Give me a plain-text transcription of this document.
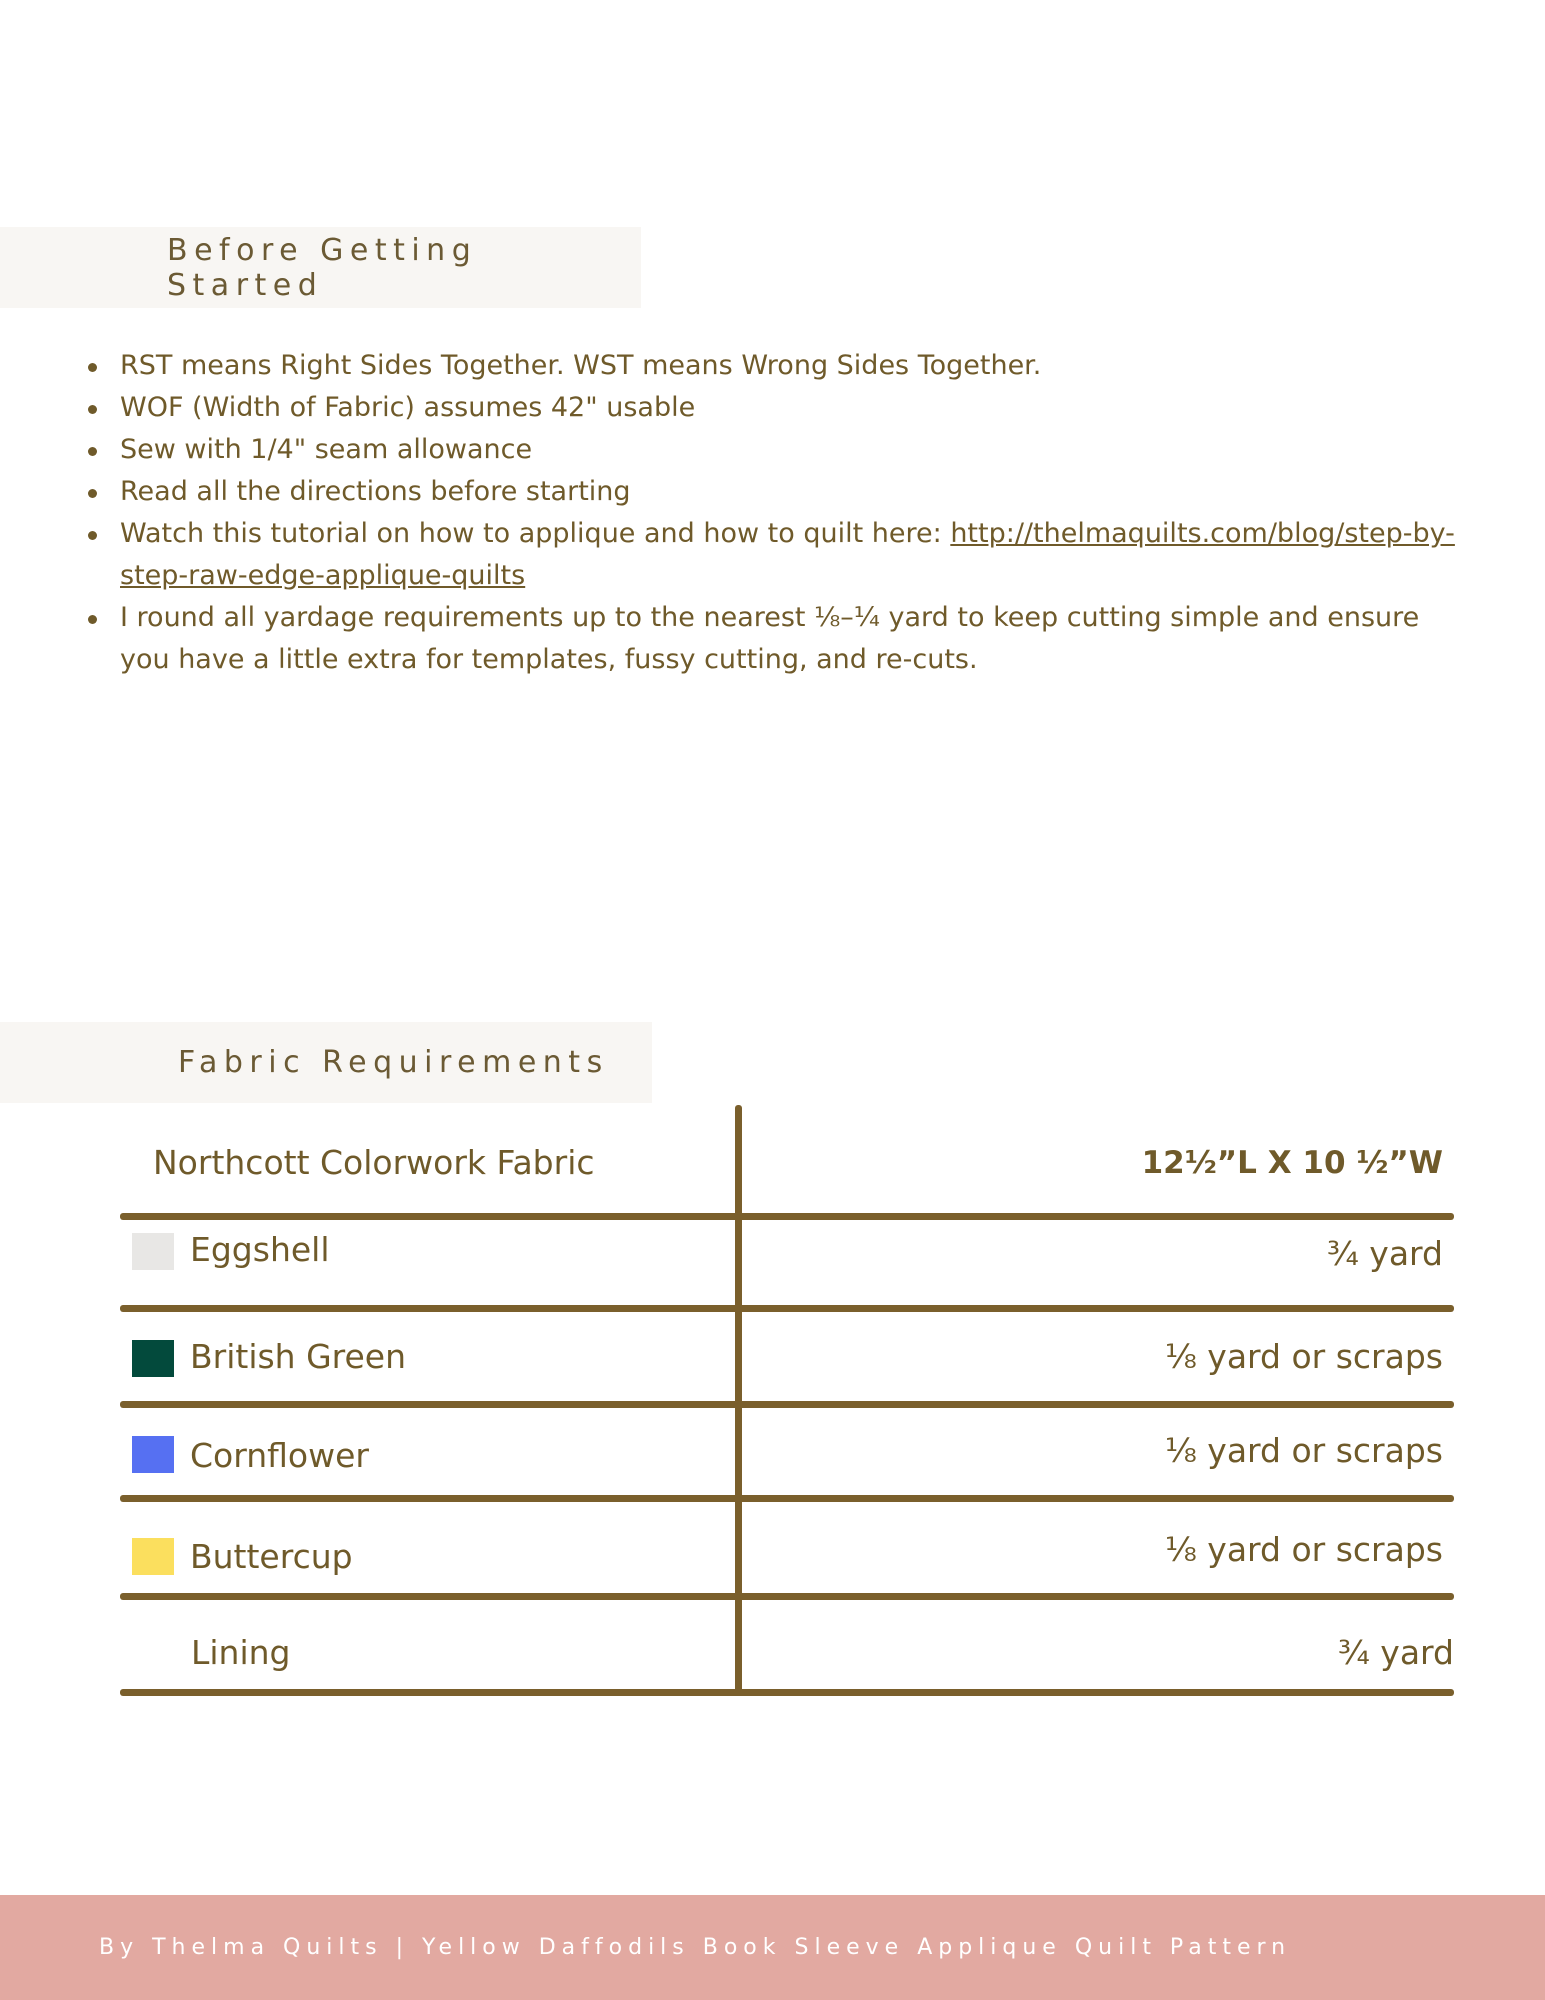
Before Getting Started
RST means Right Sides Together. WST means Wrong Sides Together.
WOF (Width of Fabric) assumes 42" usable
Sew with 1/4" seam allowance
Read all the directions before starting
Watch this tutorial on how to applique and how to quilt here: http://thelmaquilts.com/blog/step-by-step-raw-edge-applique-quilts
I round all yardage requirements up to the nearest ⅛–¼ yard to keep cutting simple and ensure you have a little extra for templates, fussy cutting, and re-cuts.
Fabric Requirements
Northcott Colorwork Fabric	12½”L X 10 ½”W
Eggshell	¾ yard
British Green	⅛ yard or scraps
Cornflower	⅛ yard or scraps
Buttercup	⅛ yard or scraps
Lining	¾ yard
By Thelma Quilts | Yellow Daffodils Book Sleeve Applique Quilt Pattern
